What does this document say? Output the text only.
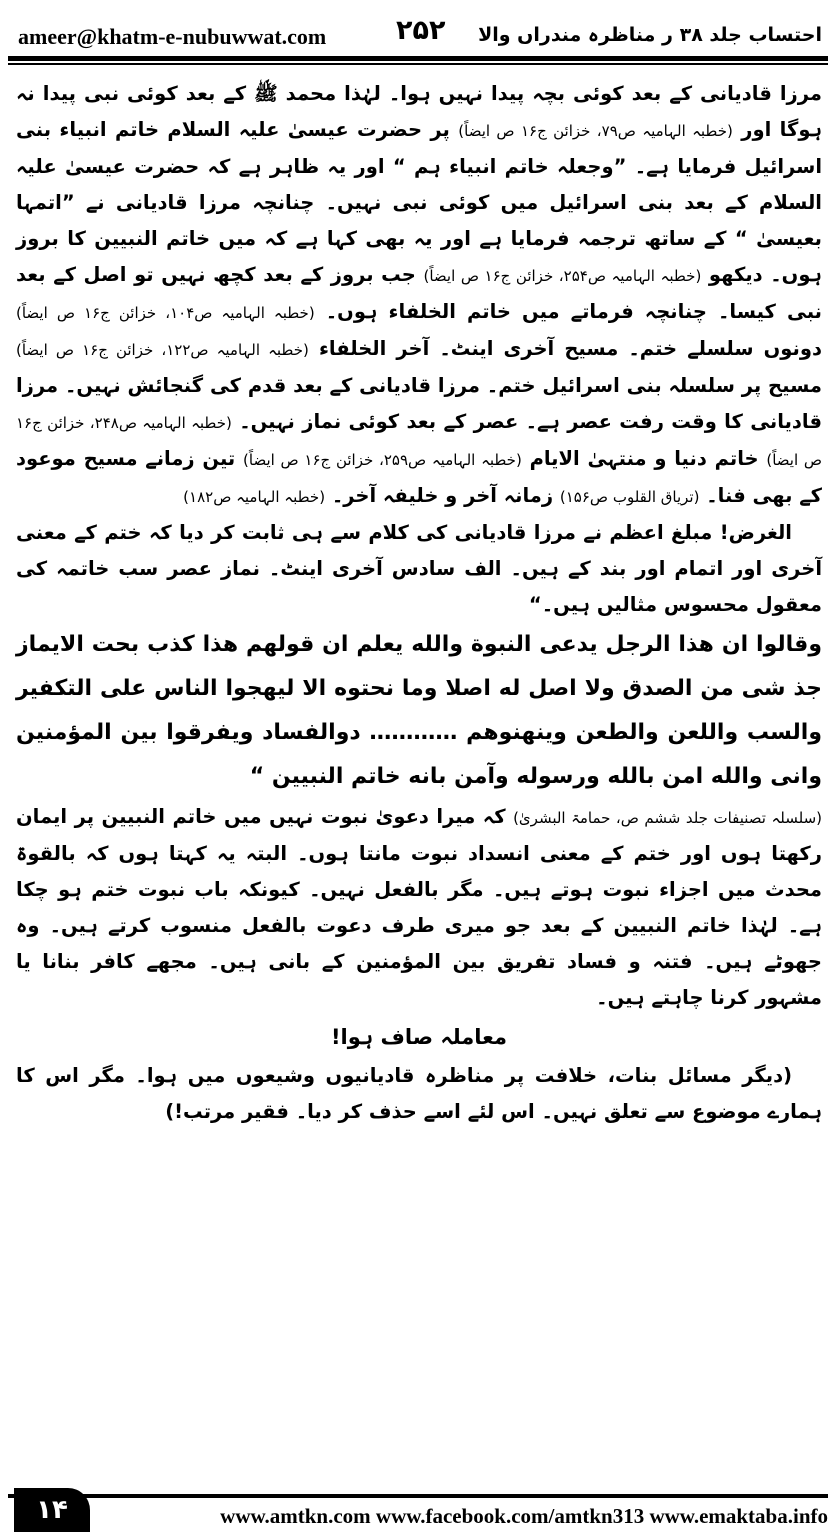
ameer@khatm-e-nubuwwat.com	۲۵۲ احتساب جلد ۳۸ ر مناظرہ مندراں والا

مرزا قادیانی کے بعد کوئی بچہ پیدا نہیں ہوا۔ لہٰذا محمد ﷺ کے بعد کوئی نبی پیدا نہ ہوگا اور (خطبہ الہامیہ ص۷۹، خزائن ج۱۶ ص ایضاً) پر حضرت عیسیٰ علیہ السلام خاتم انبیاء بنی اسرائیل فرمایا ہے۔ ”وجعلہ خاتم انبیاء ہم “ اور یہ ظاہر ہے کہ حضرت عیسیٰ علیہ السلام کے بعد بنی اسرائیل میں کوئی نبی نہیں۔ چنانچہ مرزا قادیانی نے ”اتمہا بعیسیٰ “ کے ساتھ ترجمہ فرمایا ہے اور یہ بھی کہا ہے کہ میں خاتم النبیین کا بروز ہوں۔ دیکھو (خطبہ الہامیہ ص۲۵۴، خزائن ج۱۶ ص ایضاً) جب بروز کے بعد کچھ نہیں تو اصل کے بعد نبی کیسا۔ چنانچہ فرماتے میں خاتم الخلفاء ہوں۔ (خطبہ الہامیہ ص۱۰۴، خزائن ج۱۶ ص ایضاً) دونوں سلسلے ختم۔ مسیح آخری اینٹ۔ آخر الخلفاء (خطبہ الہامیہ ص۱۲۲، خزائن ج۱۶ ص ایضاً) مسیح پر سلسلہ بنی اسرائیل ختم۔ مرزا قادیانی کے بعد قدم کی گنجائش نہیں۔ مرزا قادیانی کا وقت رفت عصر ہے۔ عصر کے بعد کوئی نماز نہیں۔ (خطبہ الہامیہ ص۲۴۸، خزائن ج۱۶ ص ایضاً) خاتم دنیا و منتہیٰ الایام (خطبہ الہامیہ ص۲۵۹، خزائن ج۱۶ ص ایضاً) تین زمانے مسیح موعود کے بھی فنا۔ (تریاق القلوب ص۱۵۶) زمانہ آخر و خلیفہ آخر۔ (خطبہ الہامیہ ص۱۸۲)

الغرض! مبلغ اعظم نے مرزا قادیانی کی کلام سے ہی ثابت کر دیا کہ ختم کے معنی آخری اور اتمام اور بند کے ہیں۔ الف سادس آخری اینٹ۔ نماز عصر سب خاتمہ کی معقول محسوس مثالیں ہیں۔“

وقالوا ان هذا الرجل يدعى النبوة والله يعلم ان قولهم هذا كذب بحت الايماز جذ شى من الصدق ولا اصل له اصلا وما نحتوه الا ليهجوا الناس على التكفير والسب واللعن والطعن وينهنوهم ………… دوالفساد ويفرقوا بين المؤمنين وانى والله امن بالله ورسوله وآمن بانه خاتم النبيين “

(سلسلہ تصنیفات جلد ششم ص، حمامۃ البشریٰ) کہ میرا دعویٰ نبوت نہیں میں خاتم النبیین پر ایمان رکھتا ہوں اور ختم کے معنی انسداد نبوت مانتا ہوں۔ البتہ یہ کہتا ہوں کہ بالقوۃ محدث میں اجزاء نبوت ہوتے ہیں۔ مگر بالفعل نہیں۔ کیونکہ باب نبوت ختم ہو چکا ہے۔ لہٰذا خاتم النبیین کے بعد جو میری طرف دعوت بالفعل منسوب کرتے ہیں۔ وہ جھوٹے ہیں۔ فتنہ و فساد تفریق بین المؤمنین کے بانی ہیں۔ مجھے کافر بنانا یا مشہور کرنا چاہتے ہیں۔

معاملہ صاف ہوا!

(دیگر مسائل بنات، خلافت پر مناظرہ قادیانیوں وشیعوں میں ہوا۔ مگر اس کا ہمارے موضوع سے تعلق نہیں۔ اس لئے اسے حذف کر دیا۔ فقیر مرتب!)

۱۴	www.amtkn.com www.facebook.com/amtkn313 www.emaktaba.info
